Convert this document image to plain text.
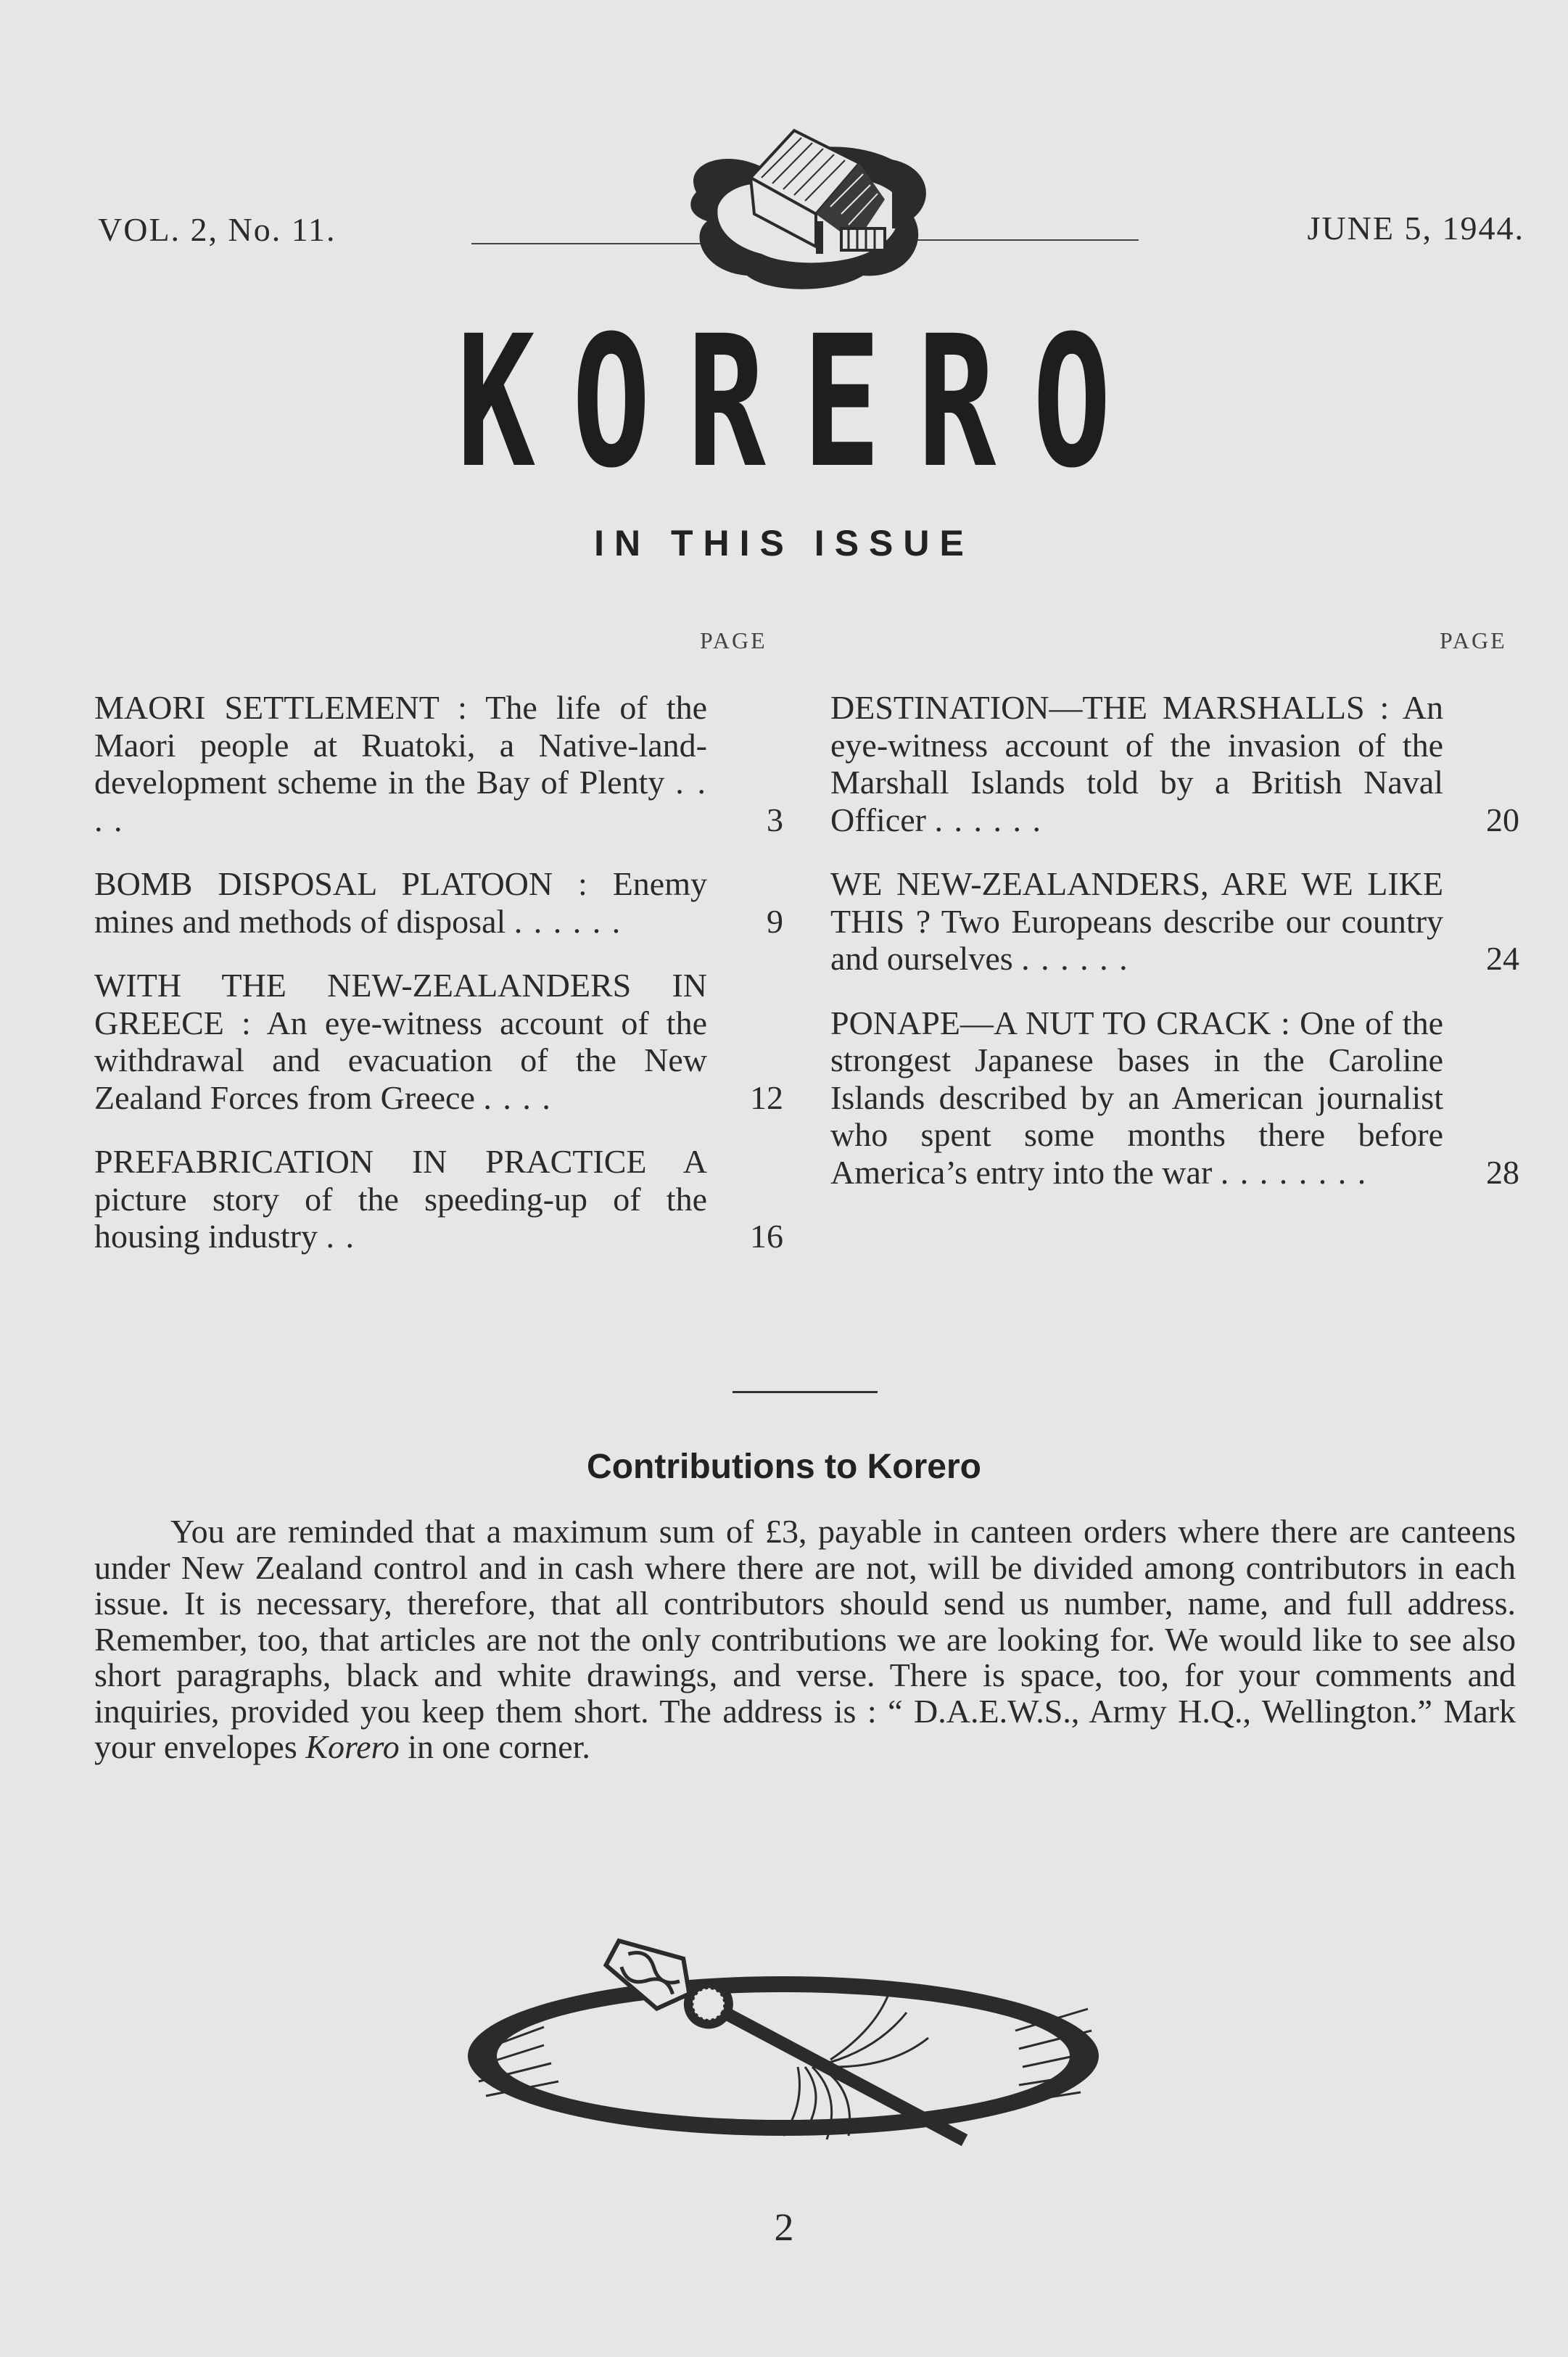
VOL. 2, No. 11.	JUNE 5, 1944.
KORERO
IN THIS ISSUE
PAGE	PAGE
MAORI SETTLEMENT : The life of the Maori people at Ruatoki, a Native-land-development scheme in the Bay of Plenty . . . .	3
BOMB DISPOSAL PLATOON : Enemy mines and methods of disposal . . . . . .	9
WITH THE NEW-ZEALANDERS IN GREECE : An eye-witness account of the withdrawal and evacuation of the New Zealand Forces from Greece . . . .	12
PREFABRICATION IN PRACTICE A picture story of the speeding-up of the housing industry . .	16
DESTINATION—THE MARSHALLS : An eye-witness account of the invasion of the Marshall Islands told by a British Naval Officer . . . . . .	20
WE NEW-ZEALANDERS, ARE WE LIKE THIS ? Two Europeans describe our country and ourselves . . . . . .	24
PONAPE—A NUT TO CRACK : One of the strongest Japanese bases in the Caroline Islands described by an American journalist who spent some months there before America’s entry into the war . . . . . . . .	28
Contributions to Korero
You are reminded that a maximum sum of £3, payable in canteen orders where there are canteens under New Zealand control and in cash where there are not, will be divided among contributors in each issue. It is necessary, therefore, that all contributors should send us number, name, and full address. Remember, too, that articles are not the only contributions we are looking for. We would like to see also short paragraphs, black and white drawings, and verse. There is space, too, for your comments and inquiries, provided you keep them short. The address is : “ D.A.E.W.S., Army H.Q., Wellington.” Mark your envelopes Korero in one corner.
2
